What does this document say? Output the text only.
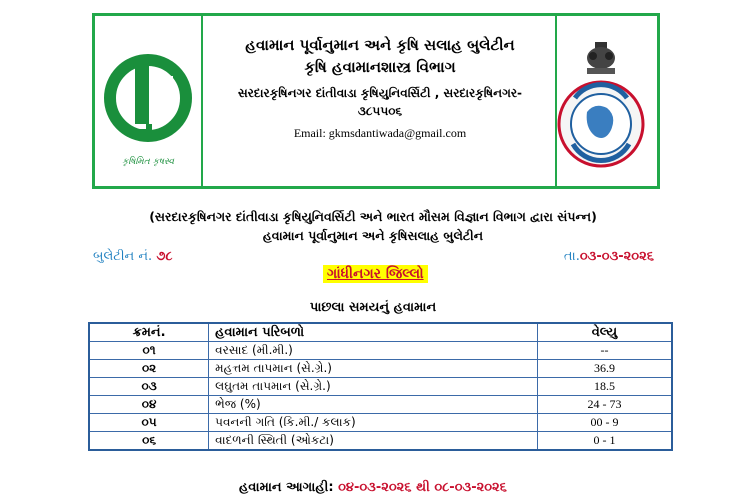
કૃષિમિત કૃષસ્વ
હવામાન પૂર્વાનુમાન અને કૃષિ સલાહ બુલેટીન
કૃષિ હવામાનશાસ્ત્ર વિભાગ
સરદારકૃષિનગર દાંતીવાડા કૃષિયુનિવર્સિટી , સરદારકૃષિનગર-
૩૮૫૫૦૬
Email: gkmsdantiwada@gmail.com
(સરદારકૃષિનગર દાંતીવાડા કૃષિયુનિવર્સિટી અને ભારત મૌસમ વિજ્ઞાન વિભાગ દ્વારા સંપન્ન)
હવામાન પૂર્વાનુમાન અને કૃષિસલાહ બુલેટીન
બુલેટીન નં. ૭૮	તા.૦૩-૦૩-૨૦૨૬
ગાંધીનગર જિલ્લો
પાછલા સમયનું હવામાન
ક્રમનં.	હવામાન પરિબળો	વેલ્યુ
૦૧	વરસાદ (મી.મી.)	--
૦૨	મહત્તમ તાપમાન (સે.ગ્રે.)	36.9
૦૩	લઘુતમ તાપમાન (સે.ગ્રે.)	18.5
૦૪	ભેજ (%)	24 - 73
૦૫	પવનની ગતિ (કિ.મી./ કલાક)	00 - 9
૦૬	વાદળની સ્થિતી (ઓકટા)	0 - 1
હવામાન આગાહી: ૦૪-૦૩-૨૦૨૬ થી ૦૮-૦૩-૨૦૨૬
